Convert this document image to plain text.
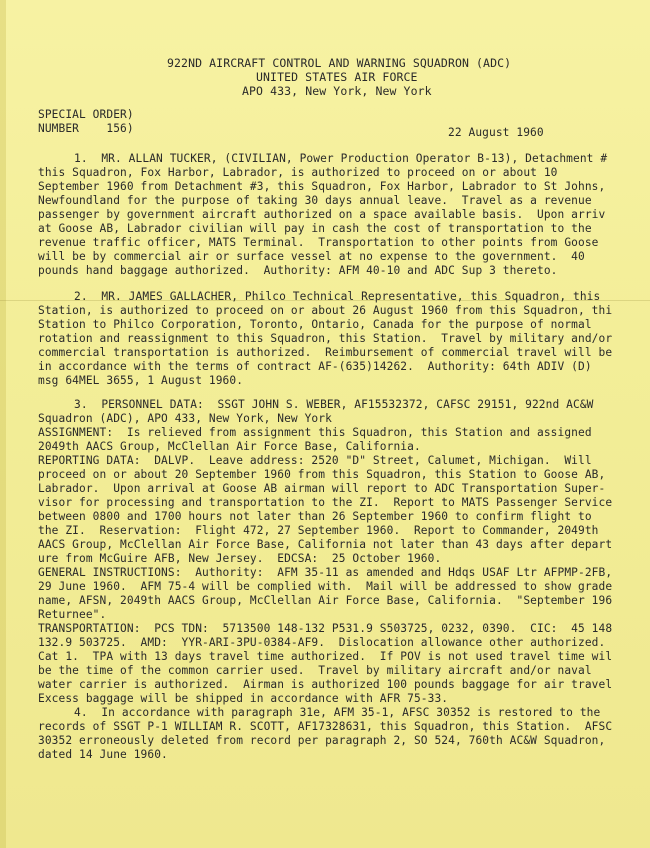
922ND AIRCRAFT CONTROL AND WARNING SQUADRON (ADC)
UNITED STATES AIR FORCE
APO 433, New York, New York
SPECIAL ORDER)
NUMBER    156)	22 August 1960
1.  MR. ALLAN TUCKER, (CIVILIAN, Power Production Operator B-13), Detachment #
this Squadron, Fox Harbor, Labrador, is authorized to proceed on or about 10
September 1960 from Detachment #3, this Squadron, Fox Harbor, Labrador to St Johns,
Newfoundland for the purpose of taking 30 days annual leave.  Travel as a revenue
passenger by government aircraft authorized on a space available basis.  Upon arriv
at Goose AB, Labrador civilian will pay in cash the cost of transportation to the
revenue traffic officer, MATS Terminal.  Transportation to other points from Goose
will be by commercial air or surface vessel at no expense to the government.  40
pounds hand baggage authorized.  Authority: AFM 40-10 and ADC Sup 3 thereto.
2.  MR. JAMES GALLACHER, Philco Technical Representative, this Squadron, this
Station, is authorized to proceed on or about 26 August 1960 from this Squadron, thi
Station to Philco Corporation, Toronto, Ontario, Canada for the purpose of normal
rotation and reassignment to this Squadron, this Station.  Travel by military and/or
commercial transportation is authorized.  Reimbursement of commercial travel will be
in accordance with the terms of contract AF-(635)14262.  Authority: 64th ADIV (D)
msg 64MEL 3655, 1 August 1960.
3.  PERSONNEL DATA:  SSGT JOHN S. WEBER, AF15532372, CAFSC 29151, 922nd AC&W
Squadron (ADC), APO 433, New York, New York
ASSIGNMENT:  Is relieved from assignment this Squadron, this Station and assigned
2049th AACS Group, McClellan Air Force Base, California.
REPORTING DATA:  DALVP.  Leave address: 2520 "D" Street, Calumet, Michigan.  Will
proceed on or about 20 September 1960 from this Squadron, this Station to Goose AB,
Labrador.  Upon arrival at Goose AB airman will report to ADC Transportation Super-
visor for processing and transportation to the ZI.  Report to MATS Passenger Service
between 0800 and 1700 hours not later than 26 September 1960 to confirm flight to
the ZI.  Reservation:  Flight 472, 27 September 1960.  Report to Commander, 2049th
AACS Group, McClellan Air Force Base, California not later than 43 days after depart
ure from McGuire AFB, New Jersey.  EDCSA:  25 October 1960.
GENERAL INSTRUCTIONS:  Authority:  AFM 35-11 as amended and Hdqs USAF Ltr AFPMP-2FB,
29 June 1960.  AFM 75-4 will be complied with.  Mail will be addressed to show grade
name, AFSN, 2049th AACS Group, McClellan Air Force Base, California.  "September 196
Returnee".
TRANSPORTATION:  PCS TDN:  5713500 148-132 P531.9 S503725, 0232, 0390.  CIC:  45 148
132.9 503725.  AMD:  YYR-ARI-3PU-0384-AF9.  Dislocation allowance other authorized.
Cat 1.  TPA with 13 days travel time authorized.  If POV is not used travel time wil
be the time of the common carrier used.  Travel by military aircraft and/or naval
water carrier is authorized.  Airman is authorized 100 pounds baggage for air travel
Excess baggage will be shipped in accordance with AFR 75-33.
4.  In accordance with paragraph 31e, AFM 35-1, AFSC 30352 is restored to the
records of SSGT P-1 WILLIAM R. SCOTT, AF17328631, this Squadron, this Station.  AFSC
30352 erroneously deleted from record per paragraph 2, SO 524, 760th AC&W Squadron,
dated 14 June 1960.
